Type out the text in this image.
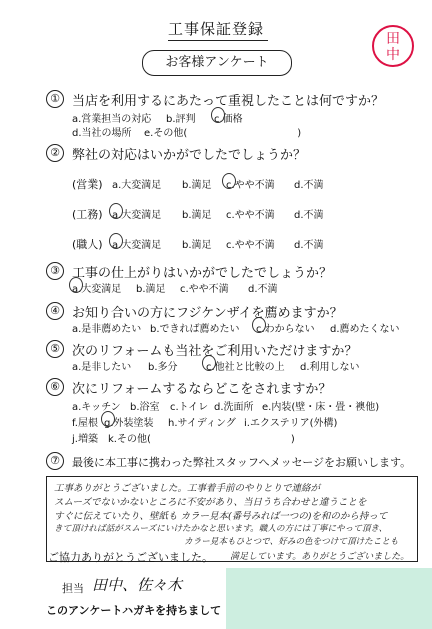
工事保証登録
お客様アンケート
田
中
① 当店を利用するにあたって重視したことは何ですか？
a.営業担当の対応 b.評判 c.価格
d.当社の場所 e.その他(　　　　　　　　　　　)
② 弊社の対応はいかがでしたでしょうか？
(営業) a.大変満足 b.満足 c.やや不満 d.不満
(工務) a.大変満足 b.満足 c.やや不満 d.不満
(職人) a.大変満足 b.満足 c.やや不満 d.不満
③ 工事の仕上がりはいかがでしたでしょうか？
a.大変満足 b.満足 c.やや不満 d.不満
④ お知り合いの方にフジケンザイを薦めますか？
a.是非薦めたい b.できれば薦めたい c.わからない d.薦めたくない
⑤ 次のリフォームも当社をご利用いただけますか？
a.是非したい b.多分	c.他社と比較の上 d.利用しない
⑥ 次にリフォームするならどこをされますか？
a.キッチン b.浴室 c.トイレ d.洗面所 e.内装(壁・床・畳・襖他)
f.屋根 g.外装塗装 h.サイディング i.エクステリア(外構)
j.増築 k.その他(　　　　　　　　　　　　　　)
⑦	最後に本工事に携わった弊社スタッフへメッセージをお願いします。
工事ありがとうございました。工事着手前のやりとりで連絡が
スムーズでないかないところに不安があり、当日うち合わせと違うことを
すぐに伝えていたり、壁紙も カラー見本(番号みれば一つの)を和のから持って
きて頂ければ話がスムーズにいけたかなと思います。職人の方には丁寧にやって頂き、
カラー見本もひとつで、好みの色をつけて頂けたことも
ご協力ありがとうございました。 満足しています。ありがとうございました。
担当 田中、佐々木
このアンケートハガキを持ちまして
